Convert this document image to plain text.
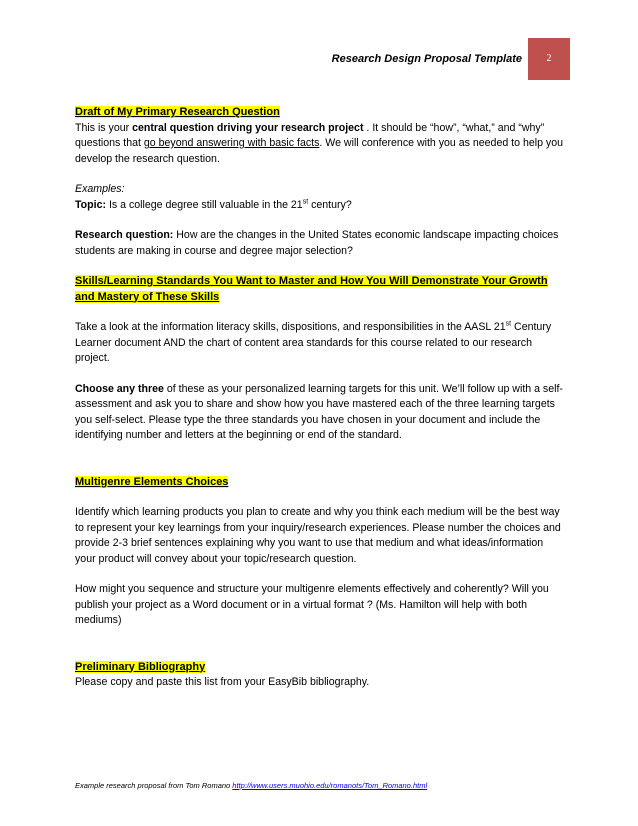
Research Design Proposal Template	2
Draft of My Primary Research Question

This is your central question driving your research project . It should be “how”, “what,” and “why” questions that go beyond answering with basic facts. We will conference with you as needed to help you develop the research question.

Examples:

Topic: Is a college degree still valuable in the 21st century?

Research question: How are the changes in the United States economic landscape impacting choices students are making in course and degree major selection?

Skills/Learning Standards You Want to Master and How You Will Demonstrate Your Growth and Mastery of These Skills

Take a look at the information literacy skills, dispositions, and responsibilities in the AASL 21st Century Learner document AND the chart of content area standards for this course related to our research project.

Choose any three of these as your personalized learning targets for this unit. We’ll follow up with a self-assessment and ask you to share and show how you have mastered each of the three learning targets you self-select. Please type the three standards you have chosen in your document and include the identifying number and letters at the beginning or end of the standard.

Multigenre Elements Choices

Identify which learning products you plan to create and why you think each medium will be the best way to represent your key learnings from your inquiry/research experiences. Please number the choices and provide 2-3 brief sentences explaining why you want to use that medium and what ideas/information your product will convey about your topic/research question.

How might you sequence and structure your multigenre elements effectively and coherently? Will you publish your project as a Word document or in a virtual format ? (Ms. Hamilton will help with both mediums)

Preliminary Bibliography

Please copy and paste this list from your EasyBib bibliography.

Example research proposal from Tom Romano http://www.users.muohio.edu/romanots/Tom_Romano.html
